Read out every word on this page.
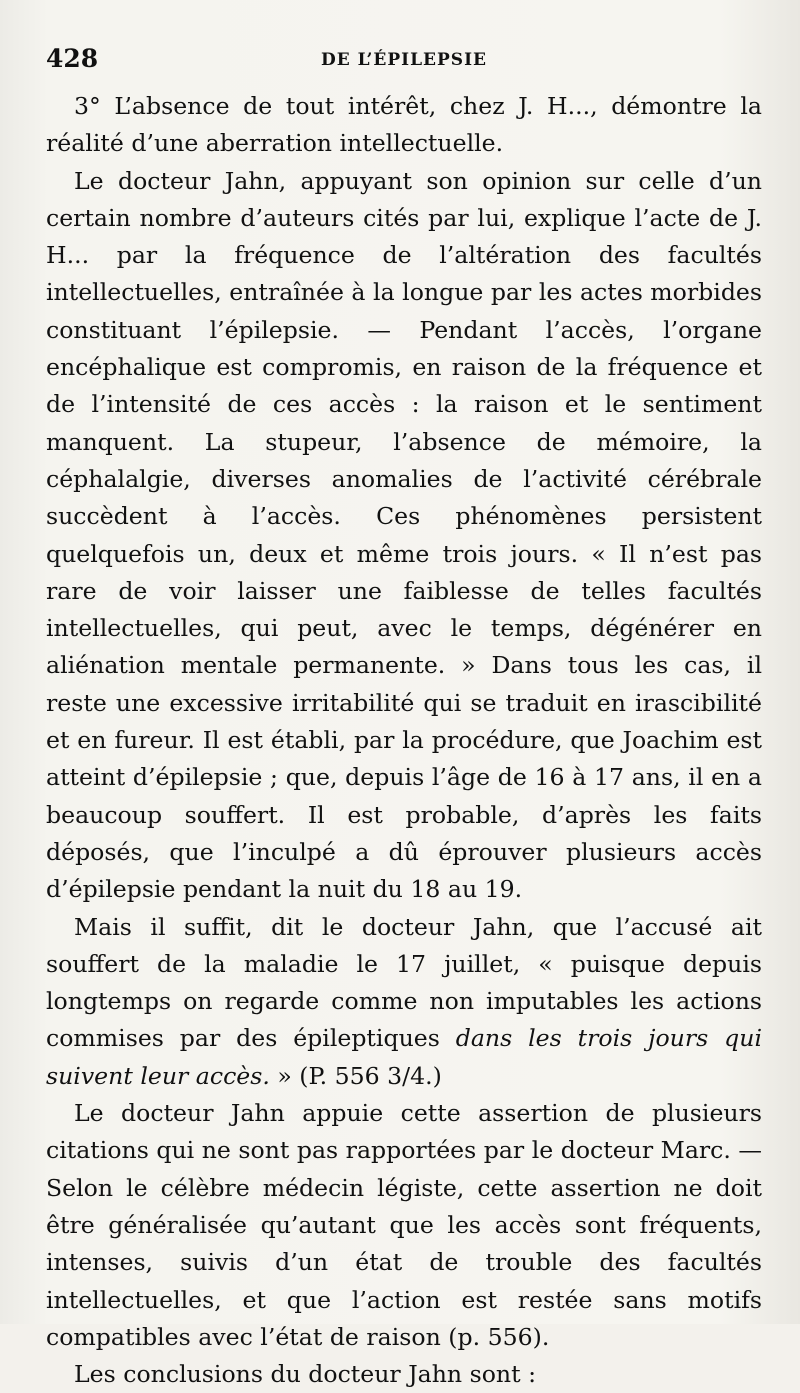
428	DE L’ÉPILEPSIE

3° L’absence de tout intérêt, chez J. H..., démontre la réalité d’une aberration intellectuelle.

Le docteur Jahn, appuyant son opinion sur celle d’un certain nombre d’auteurs cités par lui, explique l’acte de J. H... par la fréquence de l’altération des facultés intellectuelles, entraînée à la longue par les actes morbides constituant l’épilepsie. — Pendant l’accès, l’organe encéphalique est compromis, en raison de la fréquence et de l’intensité de ces accès : la raison et le sentiment manquent. La stupeur, l’absence de mémoire, la céphalalgie, diverses anomalies de l’activité cérébrale succèdent à l’accès. Ces phénomènes persistent quelquefois un, deux et même trois jours. « Il n’est pas rare de voir laisser une faiblesse de telles facultés intellectuelles, qui peut, avec le temps, dégénérer en aliénation mentale permanente. » Dans tous les cas, il reste une excessive irritabilité qui se traduit en irascibilité et en fureur. Il est établi, par la procédure, que Joachim est atteint d’épilepsie ; que, depuis l’âge de 16 à 17 ans, il en a beaucoup souffert. Il est probable, d’après les faits déposés, que l’inculpé a dû éprouver plusieurs accès d’épilepsie pendant la nuit du 18 au 19.

Mais il suffit, dit le docteur Jahn, que l’accusé ait souffert de la maladie le 17 juillet, « puisque depuis longtemps on regarde comme non imputables les actions commises par des épileptiques dans les trois jours qui suivent leur accès. » (P. 556 3/4.)

Le docteur Jahn appuie cette assertion de plusieurs citations qui ne sont pas rapportées par le docteur Marc. — Selon le célèbre médecin légiste, cette assertion ne doit être généralisée qu’autant que les accès sont fréquents, intenses, suivis d’un état de trouble des facultés intellectuelles, et que l’action est restée sans motifs compatibles avec l’état de raison (p. 556).

Les conclusions du docteur Jahn sont :
